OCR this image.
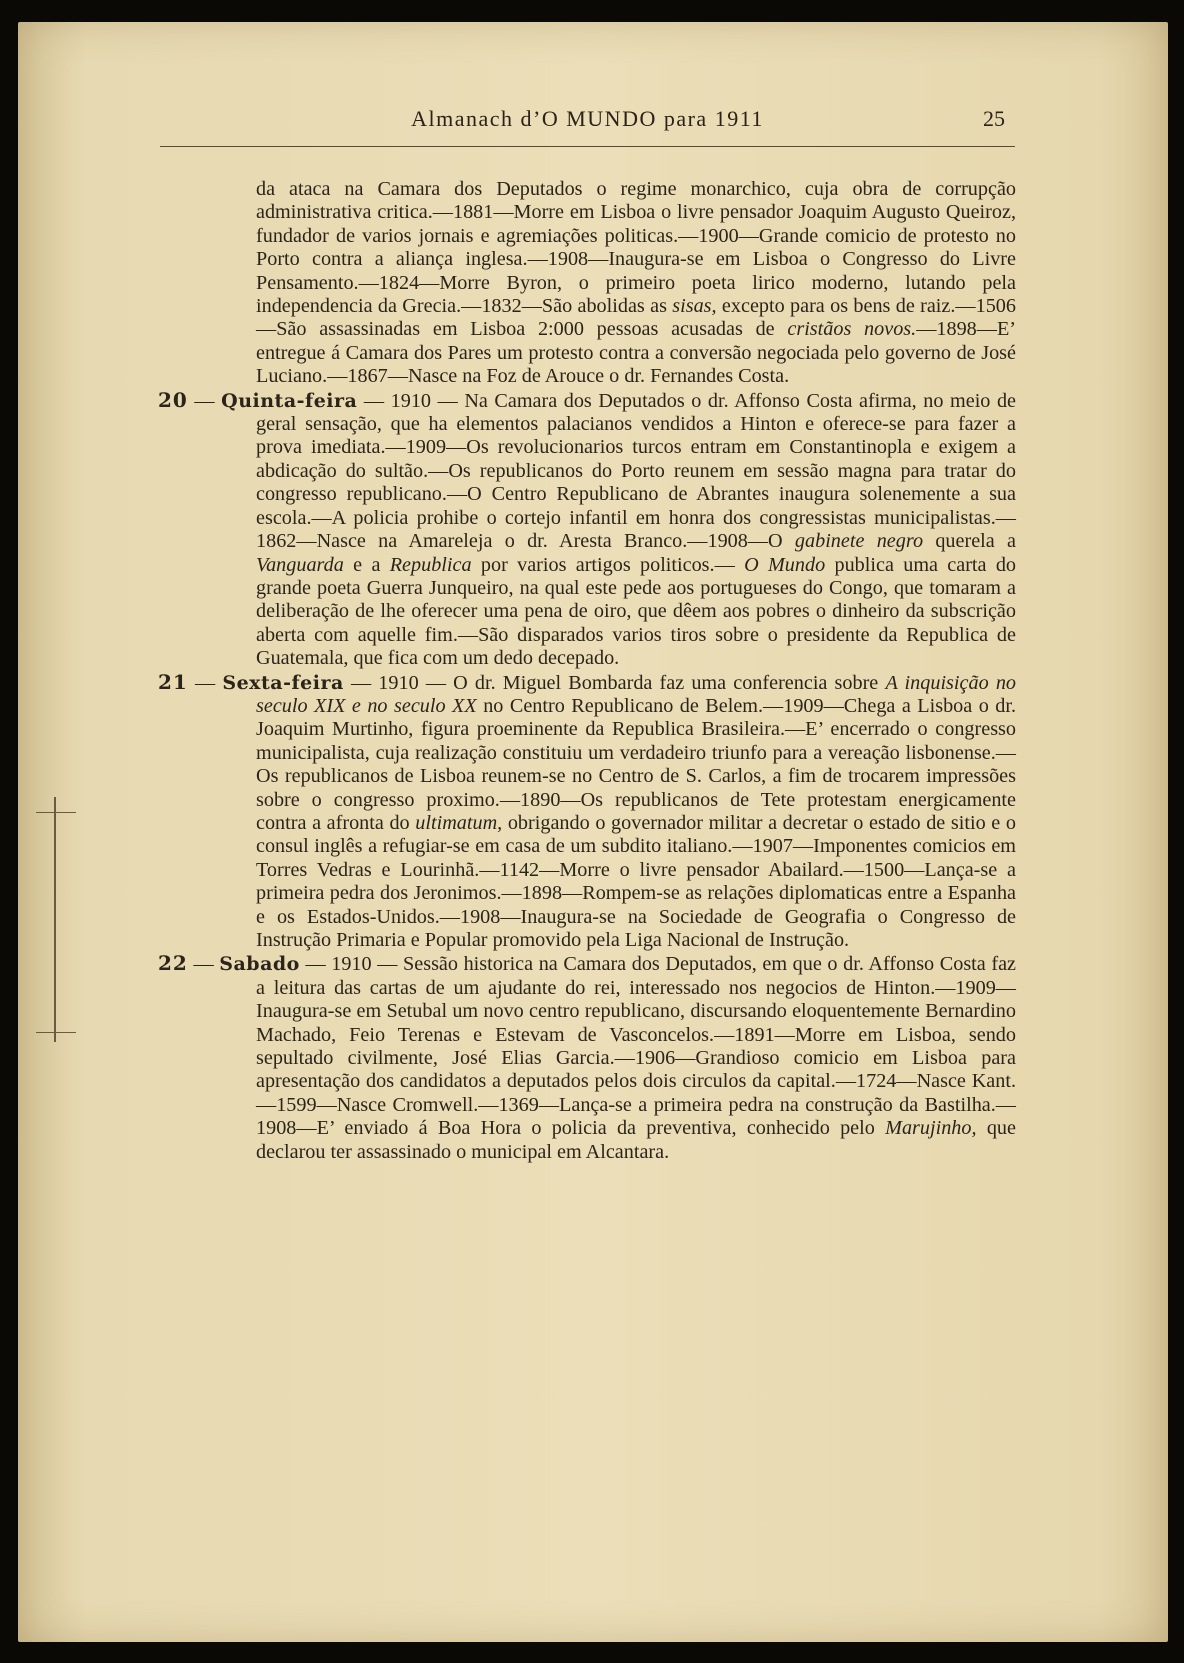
Almanach d’O MUNDO para 1911	25

da ataca na Camara dos Deputados o regime monarchico, cuja obra de corrupção administrativa critica.—1881—Morre em Lisboa o livre pensador Joaquim Augusto Queiroz, fundador de varios jornais e agremiações politicas.—1900—Grande comicio de protesto no Porto contra a aliança inglesa.—1908—Inaugura-se em Lisboa o Congresso do Livre Pensamento.—1824—Morre Byron, o primeiro poeta lirico moderno, lutando pela independencia da Grecia.—1832—São abolidas as sisas, excepto para os bens de raiz.—1506—São assassinadas em Lisboa 2:000 pessoas acusadas de cristãos novos.—1898—E’ entregue á Camara dos Pares um protesto contra a conversão negociada pelo governo de José Luciano.—1867—Nasce na Foz de Arouce o dr. Fernandes Costa.

20 — Quinta-feira — 1910 — Na Camara dos Deputados o dr. Affonso Costa afirma, no meio de geral sensação, que ha elementos palacianos vendidos a Hinton e oferece-se para fazer a prova imediata.—1909—Os revolucionarios turcos entram em Constantinopla e exigem a abdicação do sultão.—Os republicanos do Porto reunem em sessão magna para tratar do congresso republicano.—O Centro Republicano de Abrantes inaugura solenemente a sua escola.—A policia prohibe o cortejo infantil em honra dos congressistas municipalistas.—1862—Nasce na Amareleja o dr. Aresta Branco.—1908—O gabinete negro querela a Vanguarda e a Republica por varios artigos politicos.— O Mundo publica uma carta do grande poeta Guerra Junqueiro, na qual este pede aos portugueses do Congo, que tomaram a deliberação de lhe oferecer uma pena de oiro, que dêem aos pobres o dinheiro da subscrição aberta com aquelle fim.—São disparados varios tiros sobre o presidente da Republica de Guatemala, que fica com um dedo decepado.

21 — Sexta-feira — 1910 — O dr. Miguel Bombarda faz uma conferencia sobre A inquisição no seculo XIX e no seculo XX no Centro Republicano de Belem.—1909—Chega a Lisboa o dr. Joaquim Murtinho, figura proeminente da Republica Brasileira.—E’ encerrado o congresso municipalista, cuja realização constituiu um verdadeiro triunfo para a vereação lisbonense.—Os republicanos de Lisboa reunem-se no Centro de S. Carlos, a fim de trocarem impressões sobre o congresso proximo.—1890—Os republicanos de Tete protestam energicamente contra a afronta do ultimatum, obrigando o governador militar a decretar o estado de sitio e o consul inglês a refugiar-se em casa de um subdito italiano.—1907—Imponentes comicios em Torres Vedras e Lourinhã.—1142—Morre o livre pensador Abailard.—1500—Lança-se a primeira pedra dos Jeronimos.—1898—Rompem-se as relações diplomaticas entre a Espanha e os Estados-Unidos.—1908—Inaugura-se na Sociedade de Geografia o Congresso de Instrução Primaria e Popular promovido pela Liga Nacional de Instrução.

22 — Sabado — 1910 — Sessão historica na Camara dos Deputados, em que o dr. Affonso Costa faz a leitura das cartas de um ajudante do rei, interessado nos negocios de Hinton.—1909—Inaugura-se em Setubal um novo centro republicano, discursando eloquentemente Bernardino Machado, Feio Terenas e Estevam de Vasconcelos.—1891—Morre em Lisboa, sendo sepultado civilmente, José Elias Garcia.—1906—Grandioso comicio em Lisboa para apresentação dos candidatos a deputados pelos dois circulos da capital.—1724—Nasce Kant.—1599—Nasce Cromwell.—1369—Lança-se a primeira pedra na construção da Bastilha.—1908—E’ enviado á Boa Hora o policia da preventiva, conhecido pelo Marujinho, que declarou ter assassinado o municipal em Alcantara.
